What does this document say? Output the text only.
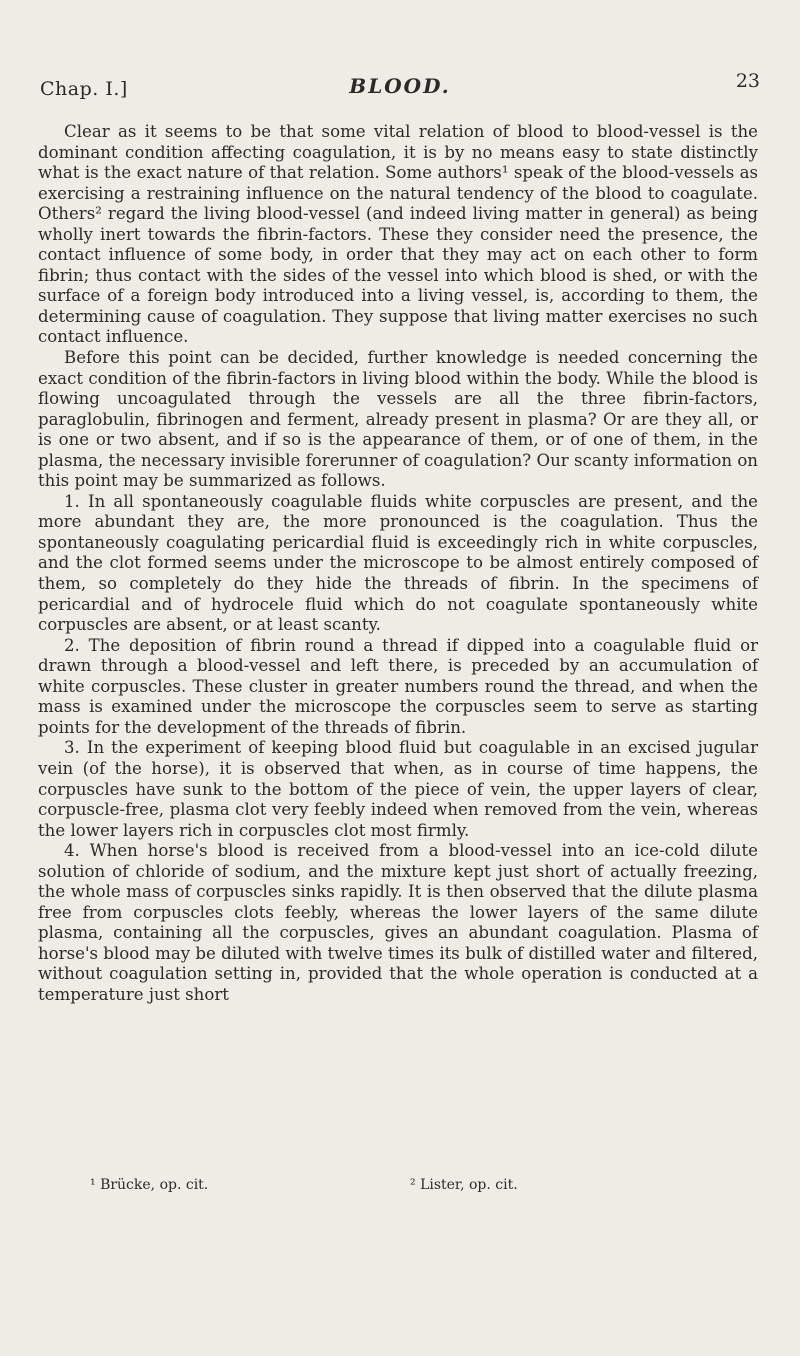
Chap. I.]	BLOOD.	23

Clear as it seems to be that some vital relation of blood to blood-vessel is the dominant condition affecting coagulation, it is by no means easy to state distinctly what is the exact nature of that relation. Some authors¹ speak of the blood-vessels as exercising a restraining influence on the natural tendency of the blood to coagulate. Others² regard the living blood-vessel (and indeed living matter in general) as being wholly inert towards the fibrin-factors. These they consider need the presence, the contact influence of some body, in order that they may act on each other to form fibrin; thus contact with the sides of the vessel into which blood is shed, or with the surface of a foreign body introduced into a living vessel, is, according to them, the determining cause of coagulation. They suppose that living matter exercises no such contact influence.

Before this point can be decided, further knowledge is needed concerning the exact condition of the fibrin-factors in living blood within the body. While the blood is flowing uncoagulated through the vessels are all the three fibrin-factors, paraglobulin, fibrinogen and ferment, already present in plasma? Or are they all, or is one or two absent, and if so is the appearance of them, or of one of them, in the plasma, the necessary invisible forerunner of coagulation? Our scanty information on this point may be summarized as follows.

1. In all spontaneously coagulable fluids white corpuscles are present, and the more abundant they are, the more pronounced is the coagulation. Thus the spontaneously coagulating pericardial fluid is exceedingly rich in white corpuscles, and the clot formed seems under the microscope to be almost entirely composed of them, so completely do they hide the threads of fibrin. In the specimens of pericardial and of hydrocele fluid which do not coagulate spontaneously white corpuscles are absent, or at least scanty.

2. The deposition of fibrin round a thread if dipped into a coagulable fluid or drawn through a blood-vessel and left there, is preceded by an accumulation of white corpuscles. These cluster in greater numbers round the thread, and when the mass is examined under the microscope the corpuscles seem to serve as starting points for the development of the threads of fibrin.

3. In the experiment of keeping blood fluid but coagulable in an excised jugular vein (of the horse), it is observed that when, as in course of time happens, the corpuscles have sunk to the bottom of the piece of vein, the upper layers of clear, corpuscle-free, plasma clot very feebly indeed when removed from the vein, whereas the lower layers rich in corpuscles clot most firmly.

4. When horse's blood is received from a blood-vessel into an ice-cold dilute solution of chloride of sodium, and the mixture kept just short of actually freezing, the whole mass of corpuscles sinks rapidly. It is then observed that the dilute plasma free from corpuscles clots feebly, whereas the lower layers of the same dilute plasma, containing all the corpuscles, gives an abundant coagulation. Plasma of horse's blood may be diluted with twelve times its bulk of distilled water and filtered, without coagulation setting in, provided that the whole operation is conducted at a temperature just short

¹ Brücke, op. cit.	² Lister, op. cit.
